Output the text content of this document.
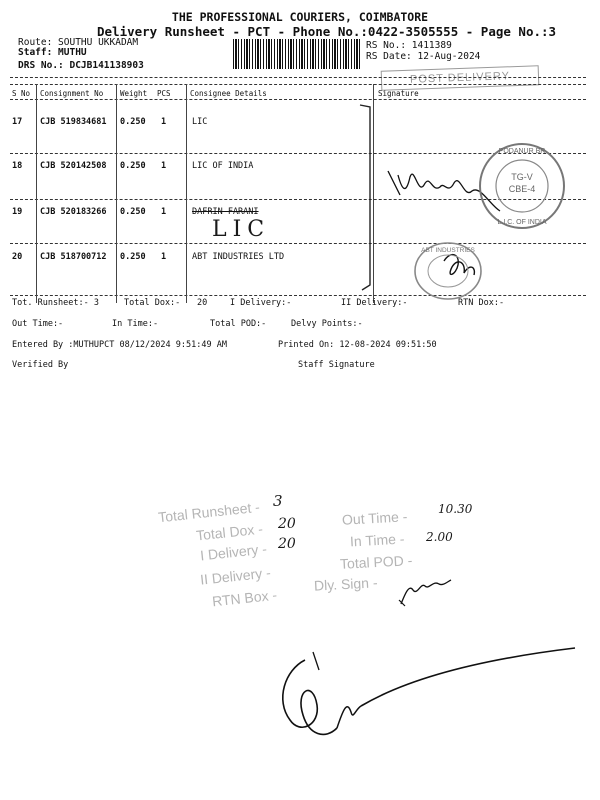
THE PROFESSIONAL COURIERS, COIMBATORE
Delivery Runsheet - PCT - Phone No.:0422-3505555 - Page No.:3
Route: SOUTHU UKKADAM
Staff: MUTHU
DRS No.: DCJB141138903
RS No.: 1411389
RS Date: 12-Aug-2024
POST DELIVERY
S No Consignment No Weight PCS	Consignee Details	Signature
17 CJB 519834681 0.250 1	LIC
18 CJB 520142508 0.250 1	LIC OF INDIA
19 CJB 520183266 0.250 1	DAFRIN FARANI
LIC
20 CJB 518700712 0.250 1	ABT INDUSTRIES LTD
TG-V
CBE-4
L.I.C. OF INDIA
PODANUR BR
ABT INDUSTRIES
Tot. Runsheet:- 3	Total Dox:- 20	I Delivery:-	II Delivery:-	RTN Dox:-
Out Time:-	In Time:-	Total POD:-	Delvy Points:-
Entered By :MUTHUPCT 08/12/2024 9:51:49 AM	Printed On: 12-08-2024 09:51:50
Verified By	Staff Signature
Total Runsheet - 3
Total Dox - 20
I Delivery - 20
II Delivery -
RTN Box -
Out Time -	10.30
In Time - 2.00
Total POD -
Dly. Sign -
